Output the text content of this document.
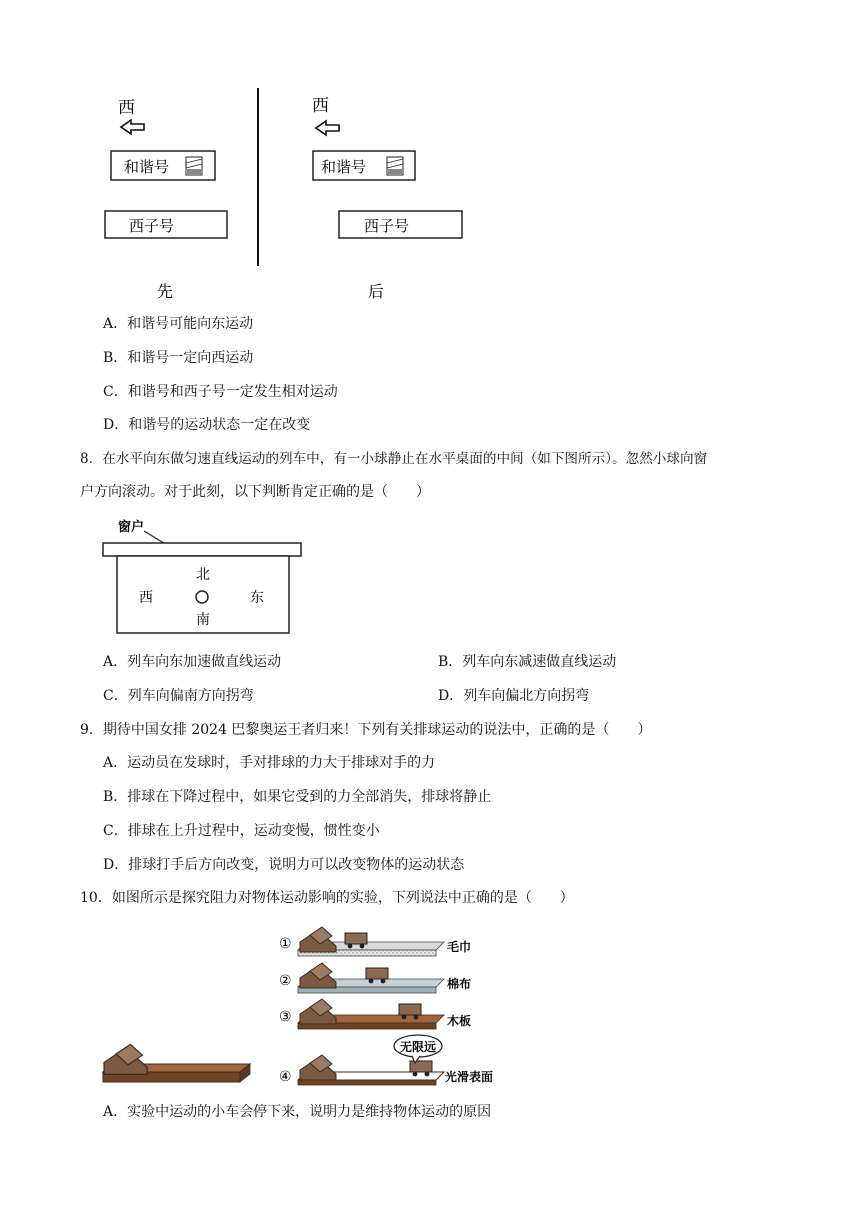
西
和谐号
西子号
先
西
和谐号
西子号
后
A．和谐号可能向东运动
B．和谐号一定向西运动
C．和谐号和西子号一定发生相对运动
D．和谐号的运动状态一定在改变
8．在水平向东做匀速直线运动的列车中，有一小球静止在水平桌面的中间（如下图所示）。忽然小球向窗
户方向滚动。对于此刻，以下判断肯定正确的是（　　）
窗户
北
西	东
南
A．列车向东加速做直线运动	B．列车向东减速做直线运动
C．列车向偏南方向拐弯	D．列车向偏北方向拐弯
9．期待中国女排 2024 巴黎奥运王者归来！下列有关排球运动的说法中，正确的是（　　）
A．运动员在发球时，手对排球的力大于排球对手的力
B．排球在下降过程中，如果它受到的力全部消失，排球将静止
C．排球在上升过程中，运动变慢，惯性变小
D．排球打手后方向改变，说明力可以改变物体的运动状态
10．如图所示是探究阻力对物体运动影响的实验，下列说法中正确的是（　　）
①	毛巾
②	棉布
③	木板
④
无限远
光滑表面
A．实验中运动的小车会停下来，说明力是维持物体运动的原因
